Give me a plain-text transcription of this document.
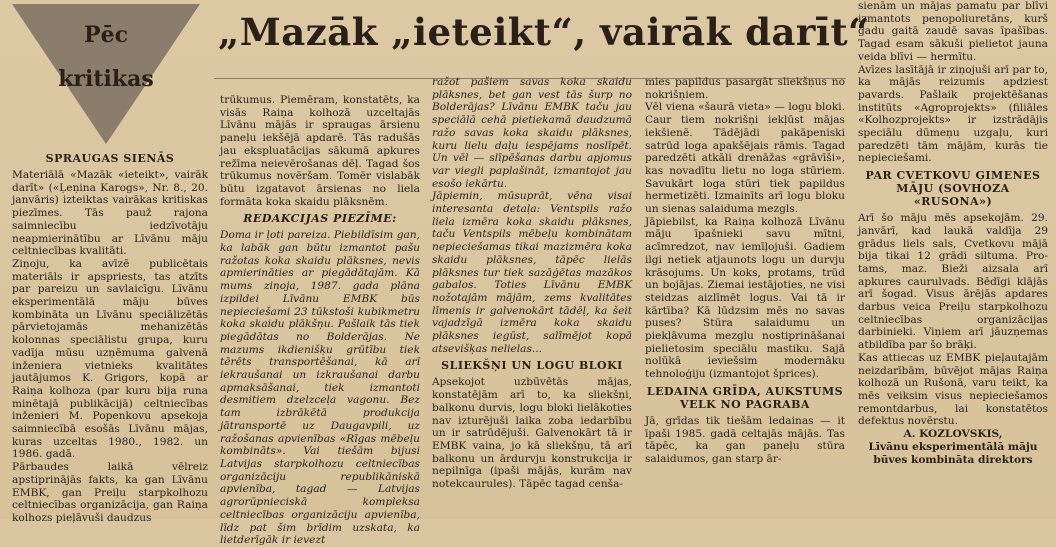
Pēc
kritikas
„Mazāk „ieteikt“, vairāk darīt“
SPRAUGAS SIENĀS

Materiālā «Mazāk «ieteikt», vairāk darīt» («Ļeņina Karogs», Nr. 8., 20. janvāris) izteiktas vairākas kritiskas piezīmes. Tās pauž rajona saimniecību iedzīvotāju neapmierinātību ar Līvānu māju celtniecības kvalitāti.

Ziņoju, ka avīzē publicētais materiāls ir apspriests, tas atzīts par pareizu un savlaicīgu. Līvānu eksperimentālā māju būves kombināta un Līvānu speciālizētās pārvietojamās mehanizētās kolonnas speciālistu grupa, kuru vadīja mūsu uzņēmuma galvenā inženiera vietnieks kvalitātes jautājumos K. Grigors, kopā ar Raiņa kolhoza (par kuru bija runa minētajā publikācijā) celtniecības inženieri M. Popenkovu apsekoja saimniecībā esošās Līvānu mājas, kuras uzceltas 1980., 1982. un 1986. gadā.

Pārbaudes laikā vēlreiz apstiprinājās fakts, ka gan Līvānu EMBK, gan Preiļu starpkolhozu celtniecības organizācija, gan Raiņa kolhozs pieļāvuši daudzus

trūkumus. Piemēram, konstatēts, ka visās Raiņa kolhozā uzceltajās Līvānu mājās ir spraugas ārsienu paneļu iekšējā apdarē. Tās radušās jau ekspluatācijas sākumā apkures režīma neievērošanas dēļ. Tagad šos trūkumus novēršam. Tomēr vislabāk būtu izgatavot ārsienas no liela formāta koka skaidu plāksnēm.

REDAKCIJAS PIEZĪME:

Doma ir ļoti pareiza. Piebildīsim gan, ka labāk gan būtu izmantot pašu ražotas koka skaidu plāksnes, nevis apmierināties ar piegādātajām. Kā mums ziņoja, 1987. gada plāna izpildei Līvānu EMBK būs nepieciešami 23 tūkstoši kubikmetru koka skaidu plākšņu. Pašlaik tās tiek piegādātas no Bolderājas. Ne mazums ikdienišķu grūtību tiek tērēts transportēšanai, kā arī iekraušanai un izkraušanai darbu apmaksāšanai, tiek izmantoti desmitiem dzelzceļa vagonu. Bez tam izbrākētā produkcija jātransportē uz Daugavpili, uz ražošanas apvienības «Rīgas mēbeļu kombināts». Vai tiešām bijusi Latvijas starpkolhozu celtniecības organizāciju republikāniskā apvienība, tagad — Latvijas agrorūpnieciskā kompleksa celtniecības organizāciju apvienība, līdz pat šim brīdim uzskata, ka lietderīgāk ir ievezt

ražot pašiem savas koka skaidu plāksnes, bet gan vest tās šurp no Bolderājas? Līvānu EMBK taču jau speciālā cehā pietiekamā daudzumā ražo savas koka skaidu plāksnes, kuru lielu daļu iespējams noslīpēt. Un vēl — slīpēšanas darbu apjomus var viegli paplašināt, izmantojot jau esošo iekārtu.

Jāpiemin, mūsuprāt, vēna visai interesanta detaļa: Ventspils ražo liela izmēra koka skaidu plāksnes, taču Ventspils mēbeļu kombinātam nepieciešamas tikai mazizmēra koka skaidu plāksnes, tāpēc lielās plāksnes tur tiek sazāģētas mazākos gabalos. Toties Līvānu EMBK nožotajām mājām, zems kvalitātes līmenis ir galvenokārt tādēļ, ka šeit vajadzīgā izmēra koka skaidu plāksnes iegūst, salīmējot kopā atsevišķas nelielas...

SLIEKŠŅI UN LOGU BLOKI

Apsekojot uzbūvētās mājas, konstatējām arī to, ka sliekšņi, balkonu durvis, logu bloki lielākoties nav izturējuši laika zoba iedarbību un ir satrūdējuši. Galvenokārt tā ir EMBK vaina, jo kā sliekšņu, tā arī balkonu un ārdurvju konstrukcija ir nepilnīga (ipaši mājās, kurām nav notekcaurules). Tāpēc tagad cenša-

mies papildus pasargāt sliekšņus no nokrišņiem.

Vēl viena «šaurā vieta» — logu bloki. Caur tiem nokrišņi iekļūst mājas iekšienē. Tādējādi pakāpeniski satrūd loga apakšējais rāmis. Tagad paredzēti atkāli drenāžas «grāvīši», kas novadītu lietu no loga stūriem. Savukārt loga stūri tiek papildus hermetizēti. Izmainīts arī logu bloku un sienas salaiduma mezgls.

Jāpiebilst, ka Raiņa kolhozā Līvānu māju īpašnieki savu mītni, acīmredzot, nav iemīļojuši. Gadiem ilgi netiek atjaunots logu un durvju krāsojums. Un koks, protams, trūd un bojājas. Ziemai iestājoties, ne visi steidzas aizlīmēt logus. Vai tā ir kārtība? Kā lūdzsim mēs no savas puses? Stūra salaidumu un piekļāvuma mezglu nostiprināšanai pielietosim speciālu mastiku. Sajā nolūkā ieviešsim modernāku tehnoloģiju (izmantojot šprices).

LEDAINA GRĪDA, AUKSTUMS VELK NO PAGRABA

Jā, grīdas tik tiešām ledainas — it īpaši 1985. gadā celtajās mājās. Tas tāpēc, ka gan paneļu stūra salaidumos, gan starp ār-

sienām un mājas pamatu par blīvi izmantots penopoliuretāns, kurš gadu gaitā zaudē savas īpašības. Tagad esam sākuši pielietot jauna veida blīvi — hermītu.

Avīzes lasītājā ir ziņojuši arī par to, ka mājās reizumis apdziest pavards. Pašlaik projektēšanas institūts «Agroprojekts» (filiāles «Kolhozprojekts» ir izstrādājis speciālu dūmeņu uzgaļu, kuri paredzēti tām mājām, kurās tie nepieciešami.

PAR CVETKOVU ĢIMENES MĀJU (SOVHOZA «RUSONA»)

Arī šo māju mēs apsekojām. 29. janvārī, kad laukā valdīja 29 grādus liels sals, Cvetkovu mājā bija tikai 12 grādi siltuma. Protams, maz. Bieži aizsala arī apkures caurulvads. Bēdīgi klājās arī šogad. Visus ārējās apdares darbus veica Preiļu starpkolhozu celtniecības organizācijas darbinieki. Viņiem arī jāuzņemas atbildība par šo brāķi.

Kas attiecas uz EMBK pieļautajām neizdarībām, būvējot mājas Raiņa kolhozā un Rušonā, varu teikt, ka mēs veiksim visus nepieciešamos remontdarbus, lai konstatētos defektus novērstu.

A. KOZLOVSKIS,
Līvānu eksperimentālā māju būves kombināta direktors
